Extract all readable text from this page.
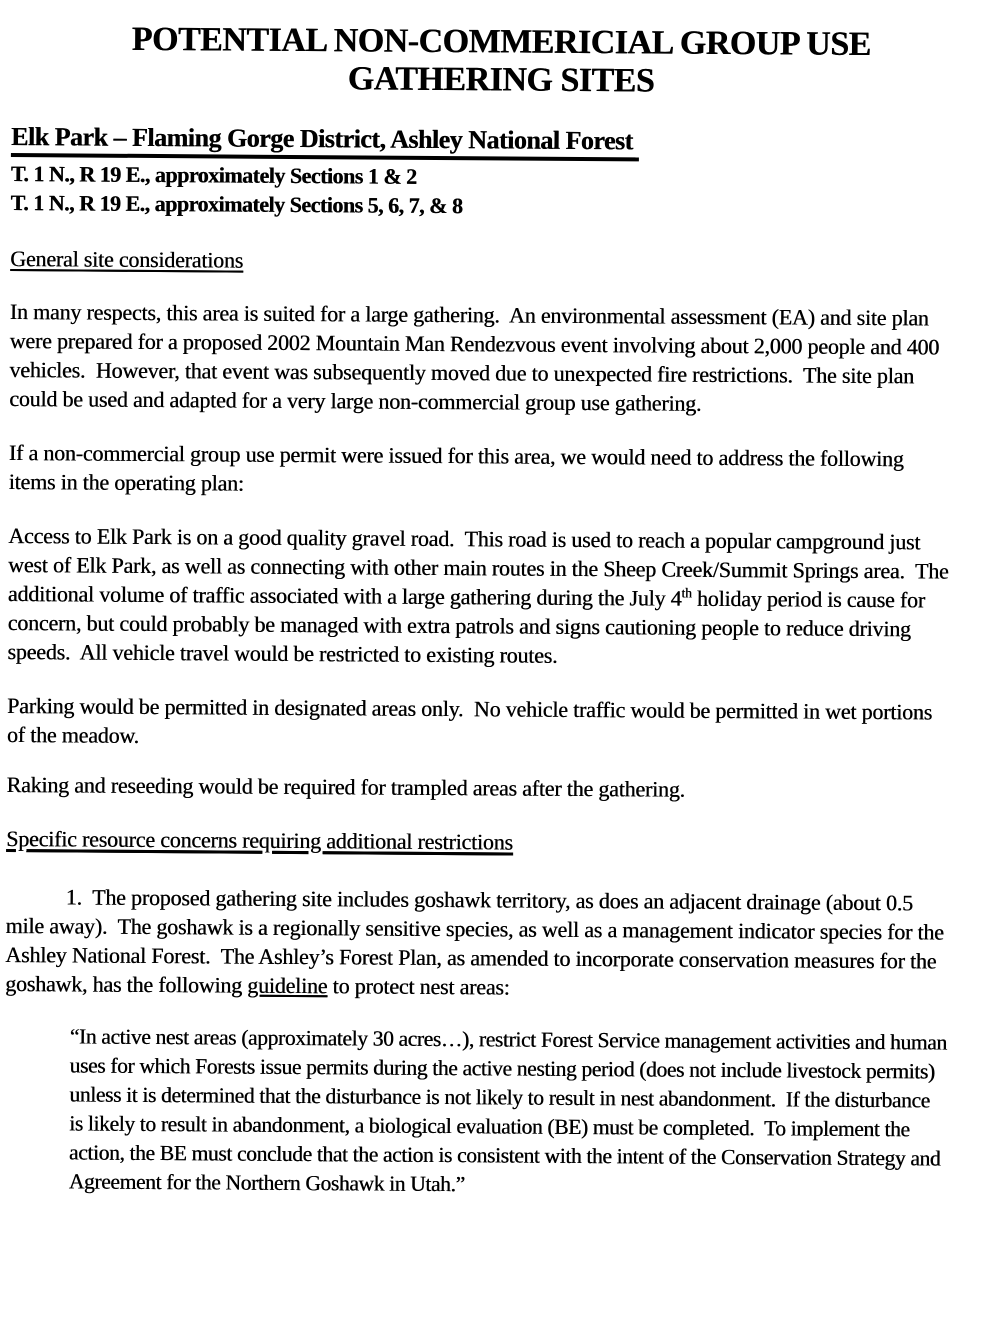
POTENTIAL NON-COMMERICIAL GROUP USE
GATHERING SITES
Elk Park – Flaming Gorge District, Ashley National Forest
T. 1 N., R 19 E., approximately Sections 1 & 2
T. 1 N., R 19 E., approximately Sections 5, 6, 7, & 8
General site considerations

In many respects, this area is suited for a large gathering.  An environmental assessment (EA) and site plan were prepared for a proposed 2002 Mountain Man Rendezvous event involving about 2,000 people and 400 vehicles.  However, that event was subsequently moved due to unexpected fire restrictions.  The site plan could be used and adapted for a very large non-commercial group use gathering.

If a non-commercial group use permit were issued for this area, we would need to address the following items in the operating plan:

Access to Elk Park is on a good quality gravel road.  This road is used to reach a popular campground just west of Elk Park, as well as connecting with other main routes in the Sheep Creek/Summit Springs area.  The additional volume of traffic associated with a large gathering during the July 4th holiday period is cause for concern, but could probably be managed with extra patrols and signs cautioning people to reduce driving speeds.  All vehicle travel would be restricted to existing routes.

Parking would be permitted in designated areas only.  No vehicle traffic would be permitted in wet portions of the meadow.

Raking and reseeding would be required for trampled areas after the gathering.

Specific resource concerns requiring additional restrictions

1.  The proposed gathering site includes goshawk territory, as does an adjacent drainage (about 0.5 mile away).  The goshawk is a regionally sensitive species, as well as a management indicator species for the Ashley National Forest.  The Ashley’s Forest Plan, as amended to incorporate conservation measures for the goshawk, has the following guideline to protect nest areas:

“In active nest areas (approximately 30 acres…), restrict Forest Service management activities and human uses for which Forests issue permits during the active nesting period (does not include livestock permits) unless it is determined that the disturbance is not likely to result in nest abandonment.  If the disturbance is likely to result in abandonment, a biological evaluation (BE) must be completed.  To implement the action, the BE must conclude that the action is consistent with the intent of the Conservation Strategy and Agreement for the Northern Goshawk in Utah.”
